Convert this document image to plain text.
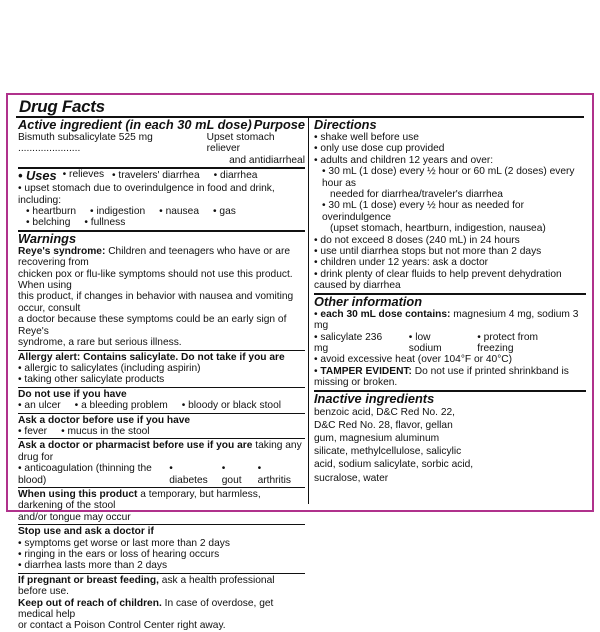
Drug Facts
Active ingredient (in each 30 mL dose) Purpose
Bismuth subsalicylate 525 mg ......................
Upset stomach reliever
and antidiarrheal
• Uses	• relieves	• travelers' diarrhea	• diarrhea
• upset stomach due to overindulgence in food and drink, including:
• heartburn	• indigestion	• nausea	• gas
• belching	• fullness
Warnings
Reye's syndrome: Children and teenagers who have or are recovering from
chicken pox or flu-like symptoms should not use this product. When using
this product, if changes in behavior with nausea and vomiting occur, consult
a doctor because these symptoms could be an early sign of Reye's
syndrome, a rare but serious illness.
Allergy alert: Contains salicylate. Do not take if you are
• allergic to salicylates (including aspirin)
• taking other salicylate products
Do not use if you have
• an ulcer	• a bleeding problem	• bloody or black stool
Ask a doctor before use if you have
• fever	• mucus in the stool
Ask a doctor or pharmacist before use if you are taking any drug for
• anticoagulation (thinning the blood)	• diabetes • gout • arthritis
When using this product a temporary, but harmless, darkening of the stool
and/or tongue may occur
Stop use and ask a doctor if
• symptoms get worse or last more than 2 days
• ringing in the ears or loss of hearing occurs
• diarrhea lasts more than 2 days
If pregnant or breast feeding, ask a health professional before use.
Keep out of reach of children. In case of overdose, get medical help
or contact a Poison Control Center right away.
Directions
• shake well before use
• only use dose cup provided
• adults and children 12 years and over:
• 30 mL (1 dose) every ½ hour or 60 mL (2 doses) every hour as
needed for diarrhea/traveler's diarrhea
• 30 mL (1 dose) every ½ hour as needed for overindulgence
(upset stomach, heartburn, indigestion, nausea)
• do not exceed 8 doses (240 mL) in 24 hours
• use until diarrhea stops but not more than 2 days
• children under 12 years: ask a doctor
• drink plenty of clear fluids to help prevent dehydration caused by diarrhea
Other information
• each 30 mL dose contains: magnesium 4 mg, sodium 3 mg
• salicylate 236 mg
• low sodium
• protect from freezing
• avoid excessive heat (over 104°F or 40°C)
• TAMPER EVIDENT: Do not use if printed shrinkband is missing or broken.
Inactive ingredients
benzoic acid, D&C Red No. 22,
D&C Red No. 28, flavor, gellan
gum, magnesium aluminum
silicate, methylcellulose, salicylic
acid, sodium salicylate, sorbic acid,
sucralose, water
